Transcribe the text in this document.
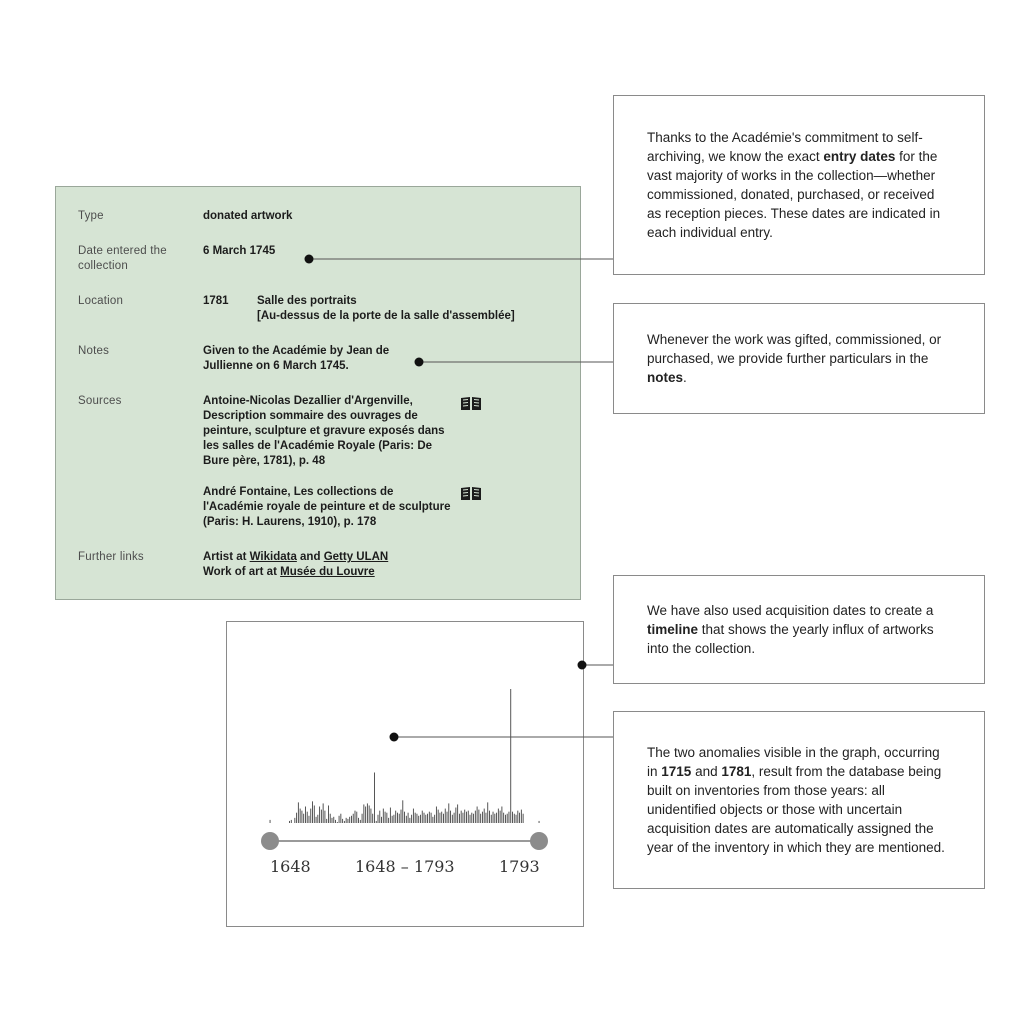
Type	donated artwork
Date entered the collection
6 March 1745
Location	1781 Salle des portraits
[Au-dessus de la porte de la salle d'assemblée]
Notes	Given to the Académie by Jean de Jullienne on 6 March 1745.
Sources	Antoine-Nicolas Dezallier d'Argenville, Description sommaire des ouvrages de peinture, sculpture et gravure exposés dans les salles de l'Académie Royale (Paris: De Bure père, 1781), p. 48
André Fontaine, Les collections de l'Académie royale de peinture et de sculpture (Paris: H. Laurens, 1910), p. 178
Further links	Artist at Wikidata and Getty ULAN
Work of art at Musée du Louvre
Thanks to the Académie's commitment to self-archiving, we know the exact entry dates for the vast majority of works in the collection—whether commissioned, donated, purchased, or received as reception pieces. These dates are indicated in each individual entry.
Whenever the work was gifted, commissioned, or purchased, we provide further particulars in the notes.
We have also used acquisition dates to create a timeline that shows the yearly influx of artworks into the collection.
The two anomalies visible in the graph, occurring in 1715 and 1781, result from the database being built on inventories from those years: all unidentified objects or those with uncertain acquisition dates are automatically assigned the year of the inventory in which they are mentioned.
1648	1648 – 1793	1793
